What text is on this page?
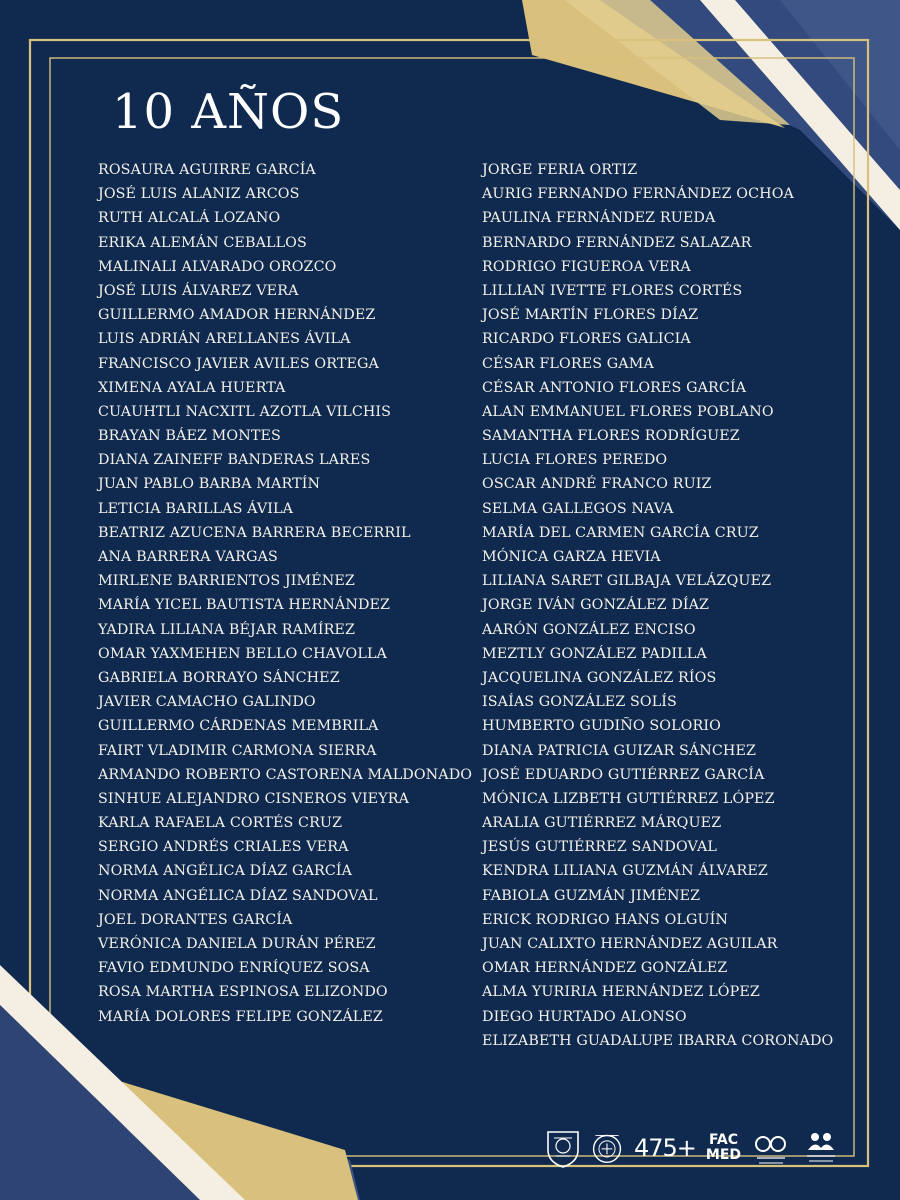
10 AÑOS
ROSAURA AGUIRRE GARCÍA
JOSÉ LUIS ALANIZ ARCOS
RUTH ALCALÁ LOZANO
ERIKA ALEMÁN CEBALLOS
MALINALI ALVARADO OROZCO
JOSÉ LUIS ÁLVAREZ VERA
GUILLERMO AMADOR HERNÁNDEZ
LUIS ADRIÁN ARELLANES ÁVILA
FRANCISCO JAVIER AVILES ORTEGA
XIMENA AYALA HUERTA
CUAUHTLI NACXITL AZOTLA VILCHIS
BRAYAN BÁEZ MONTES
DIANA ZAINEFF BANDERAS LARES
JUAN PABLO BARBA MARTÍN
LETICIA BARILLAS ÁVILA
BEATRIZ AZUCENA BARRERA BECERRIL
ANA BARRERA VARGAS
MIRLENE BARRIENTOS JIMÉNEZ
MARÍA YICEL BAUTISTA HERNÁNDEZ
YADIRA LILIANA BÉJAR RAMÍREZ
OMAR YAXMEHEN BELLO CHAVOLLA
GABRIELA BORRAYO SÁNCHEZ
JAVIER CAMACHO GALINDO
GUILLERMO CÁRDENAS MEMBRILA
FAIRT VLADIMIR CARMONA SIERRA
ARMANDO ROBERTO CASTORENA MALDONADO
SINHUE ALEJANDRO CISNEROS VIEYRA
KARLA RAFAELA CORTÉS CRUZ
SERGIO ANDRÉS CRIALES VERA
NORMA ANGÉLICA DÍAZ GARCÍA
NORMA ANGÉLICA DÍAZ SANDOVAL
JOEL DORANTES GARCÍA
VERÓNICA DANIELA DURÁN PÉREZ
FAVIO EDMUNDO ENRÍQUEZ SOSA
ROSA MARTHA ESPINOSA ELIZONDO
MARÍA DOLORES FELIPE GONZÁLEZ
JORGE FERIA ORTIZ
AURIG FERNANDO FERNÁNDEZ OCHOA
PAULINA FERNÁNDEZ RUEDA
BERNARDO FERNÁNDEZ SALAZAR
RODRIGO FIGUEROA VERA
LILLIAN IVETTE FLORES CORTÉS
JOSÉ MARTÍN FLORES DÍAZ
RICARDO FLORES GALICIA
CÉSAR FLORES GAMA
CÉSAR ANTONIO FLORES GARCÍA
ALAN EMMANUEL FLORES POBLANO
SAMANTHA FLORES RODRÍGUEZ
LUCIA FLORES PEREDO
OSCAR ANDRÉ FRANCO RUIZ
SELMA GALLEGOS NAVA
MARÍA DEL CARMEN GARCÍA CRUZ
MÓNICA GARZA HEVIA
LILIANA SARET GILBAJA VELÁZQUEZ
JORGE IVÁN GONZÁLEZ DÍAZ
AARÓN GONZÁLEZ ENCISO
MEZTLY GONZÁLEZ PADILLA
JACQUELINA GONZÁLEZ RÍOS
ISAÍAS GONZÁLEZ SOLÍS
HUMBERTO GUDIÑO SOLORIO
DIANA PATRICIA GUIZAR SÁNCHEZ
JOSÉ EDUARDO GUTIÉRREZ GARCÍA
MÓNICA LIZBETH GUTIÉRREZ LÓPEZ
ARALIA GUTIÉRREZ MÁRQUEZ
JESÚS GUTIÉRREZ SANDOVAL
KENDRA LILIANA GUZMÁN ÁLVAREZ
FABIOLA GUZMÁN JIMÉNEZ
ERICK RODRIGO HANS OLGUÍN
JUAN CALIXTO HERNÁNDEZ AGUILAR
OMAR HERNÁNDEZ GONZÁLEZ
ALMA YURIRIA HERNÁNDEZ LÓPEZ
DIEGO HURTADO ALONSO
ELIZABETH GUADALUPE IBARRA CORONADO
475+ FAC
MED
